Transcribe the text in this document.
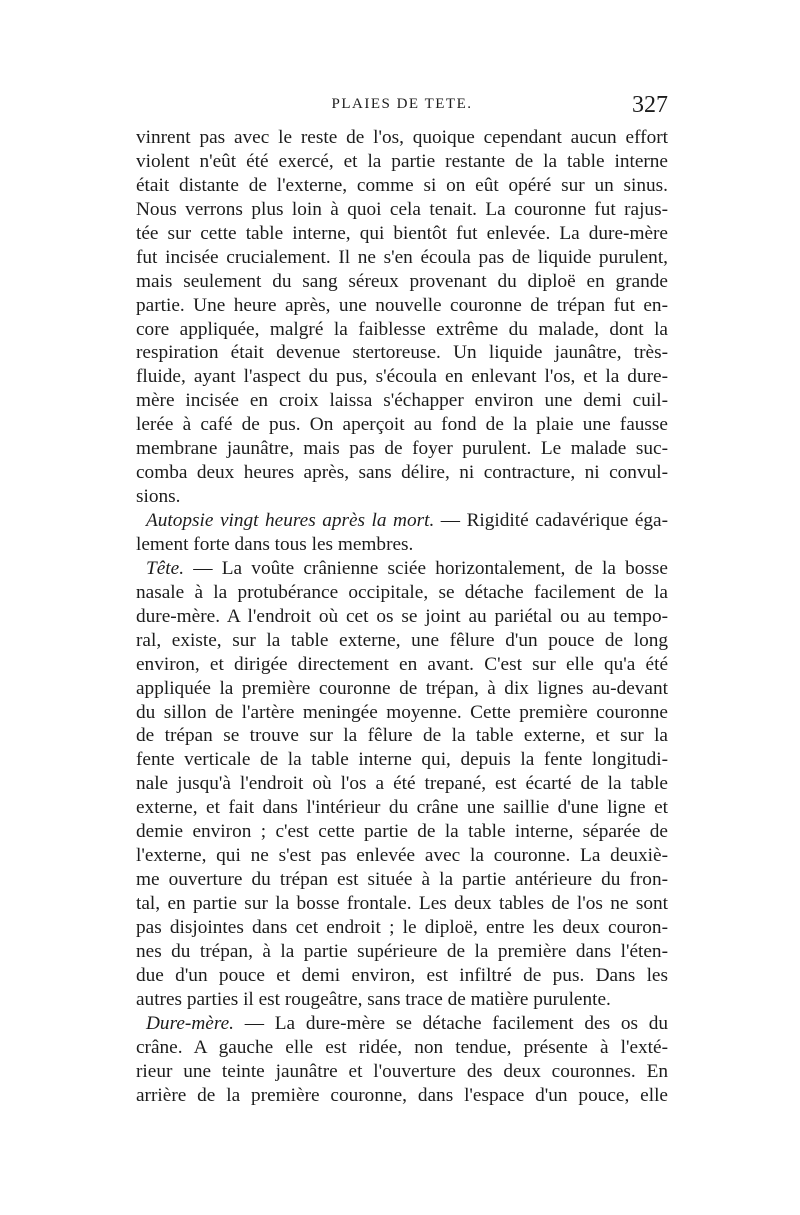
PLAIES DE TETE.	327
vinrent pas avec le reste de l'os, quoique cependant aucun effort
violent n'eût été exercé, et la partie restante de la table interne
était distante de l'externe, comme si on eût opéré sur un sinus.
Nous verrons plus loin à quoi cela tenait. La couronne fut rajus-
tée sur cette table interne, qui bientôt fut enlevée. La dure-mère
fut incisée crucialement. Il ne s'en écoula pas de liquide purulent,
mais seulement du sang séreux provenant du diploë en grande
partie. Une heure après, une nouvelle couronne de trépan fut en-
core appliquée, malgré la faiblesse extrême du malade, dont la
respiration était devenue stertoreuse. Un liquide jaunâtre, très-
fluide, ayant l'aspect du pus, s'écoula en enlevant l'os, et la dure-
mère incisée en croix laissa s'échapper environ une demi cuil-
lerée à café de pus. On aperçoit au fond de la plaie une fausse
membrane jaunâtre, mais pas de foyer purulent. Le malade suc-
comba deux heures après, sans délire, ni contracture, ni convul-
sions.
Autopsie vingt heures après la mort. — Rigidité cadavérique éga-
lement forte dans tous les membres.
Tête. — La voûte crânienne sciée horizontalement, de la bosse
nasale à la protubérance occipitale, se détache facilement de la
dure-mère. A l'endroit où cet os se joint au pariétal ou au tempo-
ral, existe, sur la table externe, une fêlure d'un pouce de long
environ, et dirigée directement en avant. C'est sur elle qu'a été
appliquée la première couronne de trépan, à dix lignes au-devant
du sillon de l'artère meningée moyenne. Cette première couronne
de trépan se trouve sur la fêlure de la table externe, et sur la
fente verticale de la table interne qui, depuis la fente longitudi-
nale jusqu'à l'endroit où l'os a été trepané, est écarté de la table
externe, et fait dans l'intérieur du crâne une saillie d'une ligne et
demie environ ; c'est cette partie de la table interne, séparée de
l'externe, qui ne s'est pas enlevée avec la couronne. La deuxiè-
me ouverture du trépan est située à la partie antérieure du fron-
tal, en partie sur la bosse frontale. Les deux tables de l'os ne sont
pas disjointes dans cet endroit ; le diploë, entre les deux couron-
nes du trépan, à la partie supérieure de la première dans l'éten-
due d'un pouce et demi environ, est infiltré de pus. Dans les
autres parties il est rougeâtre, sans trace de matière purulente.
Dure-mère. — La dure-mère se détache facilement des os du
crâne. A gauche elle est ridée, non tendue, présente à l'exté-
rieur une teinte jaunâtre et l'ouverture des deux couronnes. En
arrière de la première couronne, dans l'espace d'un pouce, elle
